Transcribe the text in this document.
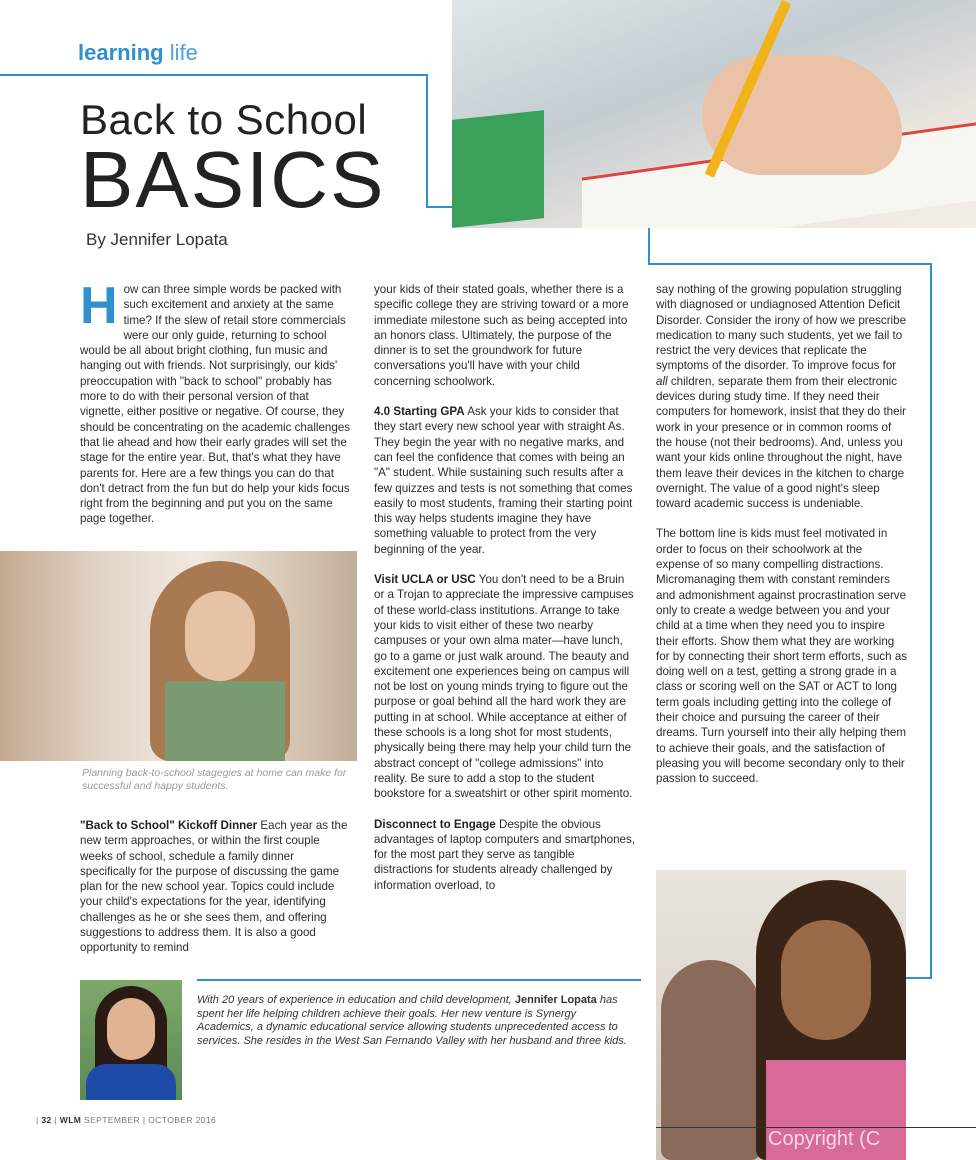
learning life
Back to School
BASICS
By Jennifer Lopata
How can three simple words be packed with such excitement and anxiety at the same time? If the slew of retail store commercials were our only guide, returning to school would be all about bright clothing, fun music and hanging out with friends. Not surprisingly, our kids' preoccupation with "back to school" probably has more to do with their personal version of that vignette, either positive or negative. Of course, they should be concentrating on the academic challenges that lie ahead and how their early grades will set the stage for the entire year. But, that's what they have parents for. Here are a few things you can do that don't detract from the fun but do help your kids focus right from the beginning and put you on the same page together.
Planning back-to-school stagegies at home can make for successful and happy students.
"Back to School" Kickoff Dinner Each year as the new term approaches, or within the first couple weeks of school, schedule a family dinner specifically for the purpose of discussing the game plan for the new school year. Topics could include your child's expectations for the year, identifying challenges as he or she sees them, and offering suggestions to address them. It is also a good opportunity to remind

your kids of their stated goals, whether there is a specific college they are striving toward or a more immediate milestone such as being accepted into an honors class. Ultimately, the purpose of the dinner is to set the groundwork for future conversations you'll have with your child concerning schoolwork.

4.0 Starting GPA Ask your kids to consider that they start every new school year with straight As. They begin the year with no negative marks, and can feel the confidence that comes with being an "A" student. While sustaining such results after a few quizzes and tests is not something that comes easily to most students, framing their starting point this way helps students imagine they have something valuable to protect from the very beginning of the year.

Visit UCLA or USC You don't need to be a Bruin or a Trojan to appreciate the impressive campuses of these world-class institutions. Arrange to take your kids to visit either of these two nearby campuses or your own alma mater—have lunch, go to a game or just walk around. The beauty and excitement one experiences being on campus will not be lost on young minds trying to figure out the purpose or goal behind all the hard work they are putting in at school. While acceptance at either of these schools is a long shot for most students, physically being there may help your child turn the abstract concept of "college admissions" into reality. Be sure to add a stop to the student bookstore for a sweatshirt or other spirit momento.

Disconnect to Engage Despite the obvious advantages of laptop computers and smartphones, for the most part they serve as tangible distractions for students already challenged by information overload, to

say nothing of the growing population struggling with diagnosed or undiagnosed Attention Deficit Disorder. Consider the irony of how we prescribe medication to many such students, yet we fail to restrict the very devices that replicate the symptoms of the disorder. To improve focus for all children, separate them from their electronic devices during study time. If they need their computers for homework, insist that they do their work in your presence or in common rooms of the house (not their bedrooms). And, unless you want your kids online throughout the night, have them leave their devices in the kitchen to charge overnight. The value of a good night's sleep toward academic success is undeniable.

The bottom line is kids must feel motivated in order to focus on their schoolwork at the expense of so many compelling distractions. Micromanaging them with constant reminders and admonishment against procrastination serve only to create a wedge between you and your child at a time when they need you to inspire their efforts. Show them what they are working for by connecting their short term efforts, such as doing well on a test, getting a strong grade in a class or scoring well on the SAT or ACT to long term goals including getting into the college of their choice and pursuing the career of their dreams. Turn yourself into their ally helping them to achieve their goals, and the satisfaction of pleasing you will become secondary only to their passion to succeed.

With 20 years of experience in education and child development, Jennifer Lopata has spent her life helping children achieve their goals. Her new venture is Synergy Academics, a dynamic educational service allowing students unprecedented access to services. She resides in the West San Fernando Valley with her husband and three kids.
| 32 | WLM SEPTEMBER | OCTOBER 2016
Copyright (C
